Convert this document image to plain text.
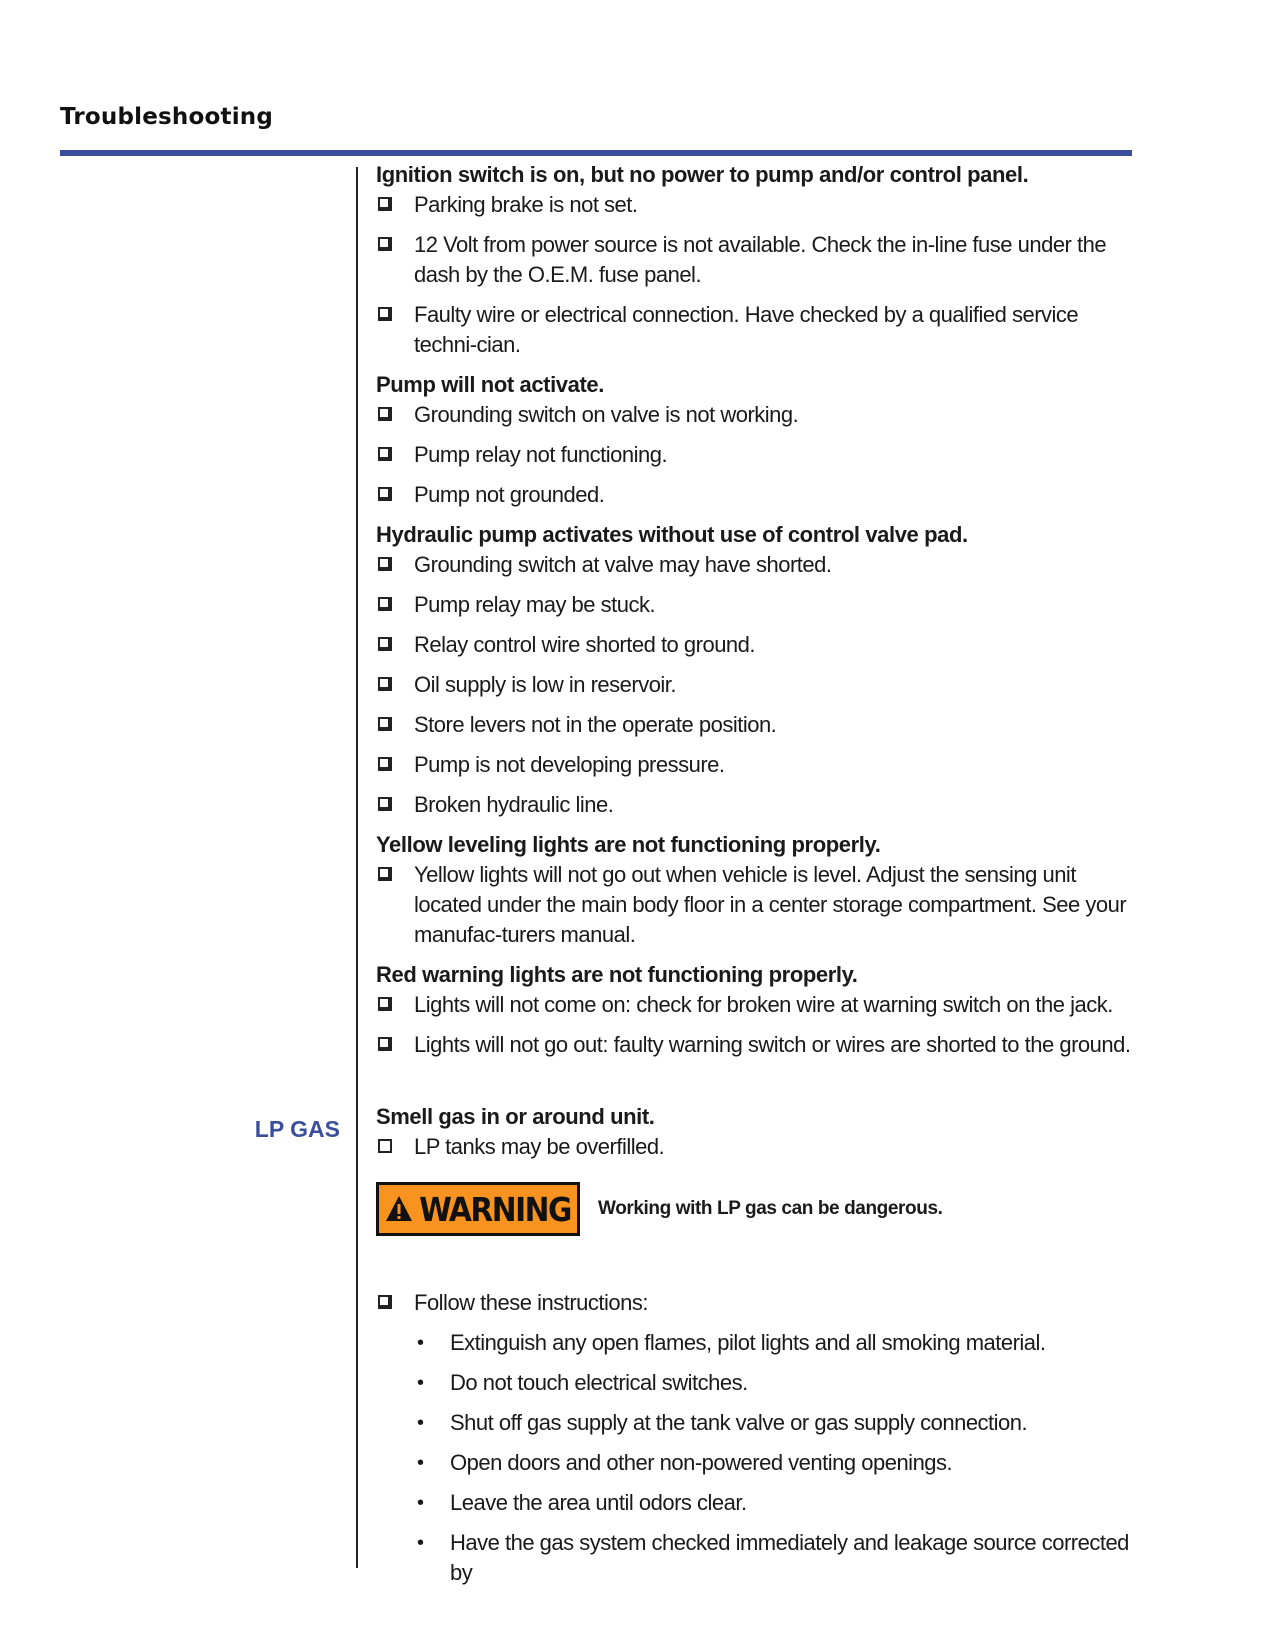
Troubleshooting
LP GAS
Ignition switch is on, but no power to pump and/or control panel.
Parking brake is not set.
12 Volt from power source is not available. Check the in-line fuse under the dash by the O.E.M. fuse panel.
Faulty wire or electrical connection. Have checked by a qualified service techni-cian.
Pump will not activate.
Grounding switch on valve is not working.
Pump relay not functioning.
Pump not grounded.
Hydraulic pump activates without use of control valve pad.
Grounding switch at valve may have shorted.
Pump relay may be stuck.
Relay control wire shorted to ground.
Oil supply is low in reservoir.
Store levers not in the operate position.
Pump is not developing pressure.
Broken hydraulic line.
Yellow leveling lights are not functioning properly.
Yellow lights will not go out when vehicle is level. Adjust the sensing unit located under the main body floor in a center storage compartment. See your manufac-turers manual.
Red warning lights are not functioning properly.
Lights will not come on: check for broken wire at warning switch on the jack.
Lights will not go out: faulty warning switch or wires are shorted to the ground.
Smell gas in or around unit.
LP tanks may be overfilled.
WARNING Working with LP gas can be dangerous.
Follow these instructions:
• Extinguish any open flames, pilot lights and all smoking material.
• Do not touch electrical switches.
• Shut off gas supply at the tank valve or gas supply connection.
• Open doors and other non-powered venting openings.
• Leave the area until odors clear.
• Have the gas system checked immediately and leakage source corrected by
